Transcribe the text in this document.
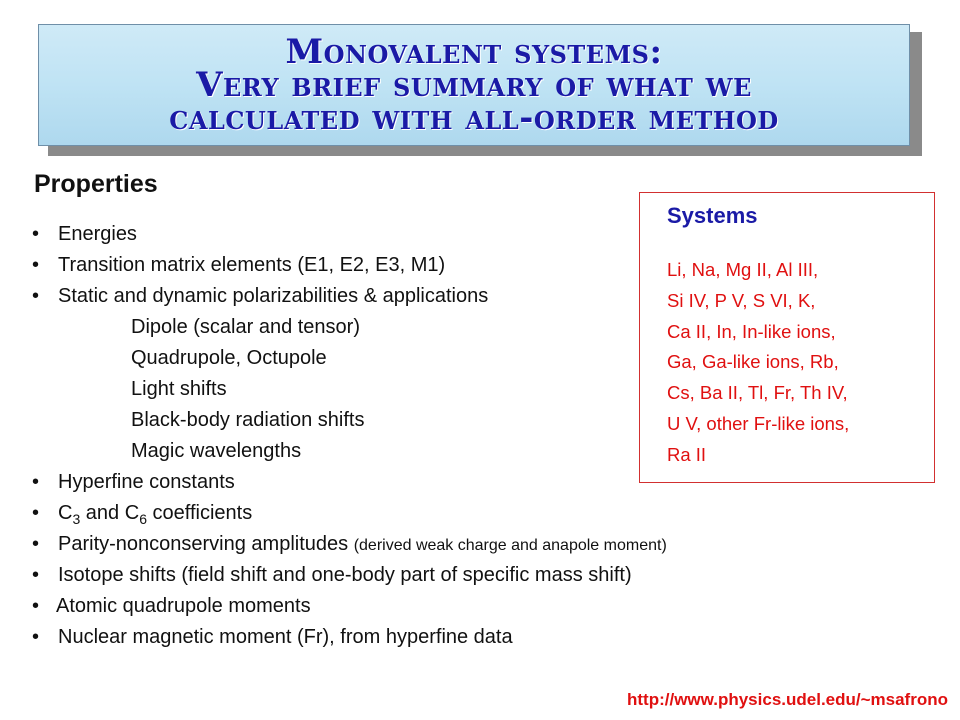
Monovalent systems:
Very brief summary of what we
calculated with all-order method
Properties
• Energies
• Transition matrix elements (E1, E2, E3, M1)
• Static and dynamic polarizabilities & applications
Dipole (scalar and tensor)
Quadrupole, Octupole
Light shifts
Black-body radiation shifts
Magic wavelengths
• Hyperfine constants
• $C_3$ and $C_6$ coefficients
• Parity-nonconserving amplitudes (derived weak charge and anapole moment)
• Isotope shifts (field shift and one-body part of specific mass shift)
• Atomic quadrupole moments
• Nuclear magnetic moment (Fr), from hyperfine data
Systems
Li, Na, Mg II, Al III,
Si IV, P V, S VI, K,
Ca II, In, In-like ions,
Ga, Ga-like ions, Rb,
Cs, Ba II, Tl, Fr, Th IV,
U V, other Fr-like ions,
Ra II
http://www.physics.udel.edu/~msafrono
